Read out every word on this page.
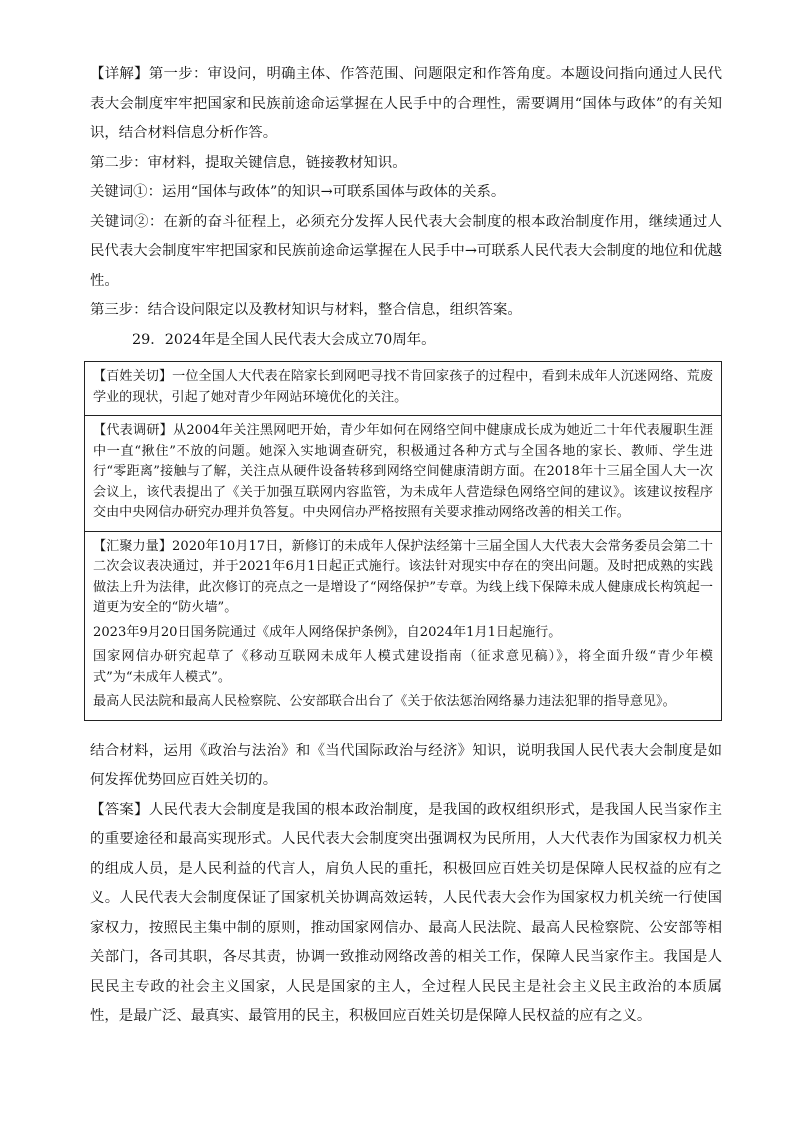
【详解】第一步：审设问，明确主体、作答范围、问题限定和作答角度。本题设问指向通过人民代表大会制度牢牢把国家和民族前途命运掌握在人民手中的合理性，需要调用“国体与政体”的有关知识，结合材料信息分析作答。

第二步：审材料，提取关键信息，链接教材知识。

关键词①：运用“国体与政体”的知识→可联系国体与政体的关系。

关键词②：在新的奋斗征程上，必须充分发挥人民代表大会制度的根本政治制度作用，继续通过人民代表大会制度牢牢把国家和民族前途命运掌握在人民手中→可联系人民代表大会制度的地位和优越性。

第三步：结合设问限定以及教材知识与材料，整合信息，组织答案。

29．2024年是全国人民代表大会成立70周年。

【百姓关切】一位全国人大代表在陪家长到网吧寻找不肯回家孩子的过程中，看到未成年人沉迷网络、荒废学业的现状，引起了她对青少年网站环境优化的关注。

【代表调研】从2004年关注黑网吧开始，青少年如何在网络空间中健康成长成为她近二十年代表履职生涯中一直“揪住”不放的问题。她深入实地调查研究，积极通过各种方式与全国各地的家长、教师、学生进行“零距离”接触与了解，关注点从硬件设备转移到网络空间健康清朗方面。在2018年十三届全国人大一次会议上，该代表提出了《关于加强互联网内容监管，为未成年人营造绿色网络空间的建议》。该建议按程序交由中央网信办研究办理并负答复。中央网信办严格按照有关要求推动网络改善的相关工作。

【汇聚力量】2020年10月17日，新修订的未成年人保护法经第十三届全国人大代表大会常务委员会第二十二次会议表决通过，并于2021年6月1日起正式施行。该法针对现实中存在的突出问题。及时把成熟的实践做法上升为法律，此次修订的亮点之一是增设了“网络保护”专章。为线上线下保障未成人健康成长构筑起一道更为安全的“防火墙”。

2023年9月20日国务院通过《成年人网络保护条例》，自2024年1月1日起施行。

国家网信办研究起草了《移动互联网未成年人模式建设指南（征求意见稿）》，将全面升级“青少年模式”为“未成年人模式”。

最高人民法院和最高人民检察院、公安部联合出台了《关于依法惩治网络暴力违法犯罪的指导意见》。

结合材料，运用《政治与法治》和《当代国际政治与经济》知识，说明我国人民代表大会制度是如何发挥优势回应百姓关切的。

【答案】人民代表大会制度是我国的根本政治制度，是我国的政权组织形式，是我国人民当家作主的重要途径和最高实现形式。人民代表大会制度突出强调权为民所用，人大代表作为国家权力机关的组成人员，是人民利益的代言人，肩负人民的重托，积极回应百姓关切是保障人民权益的应有之义。人民代表大会制度保证了国家机关协调高效运转，人民代表大会作为国家权力机关统一行使国家权力，按照民主集中制的原则，推动国家网信办、最高人民法院、最高人民检察院、公安部等相关部门，各司其职，各尽其责，协调一致推动网络改善的相关工作，保障人民当家作主。我国是人民民主专政的社会主义国家，人民是国家的主人，全过程人民民主是社会主义民主政治的本质属性，是最广泛、最真实、最管用的民主，积极回应百姓关切是保障人民权益的应有之义。
